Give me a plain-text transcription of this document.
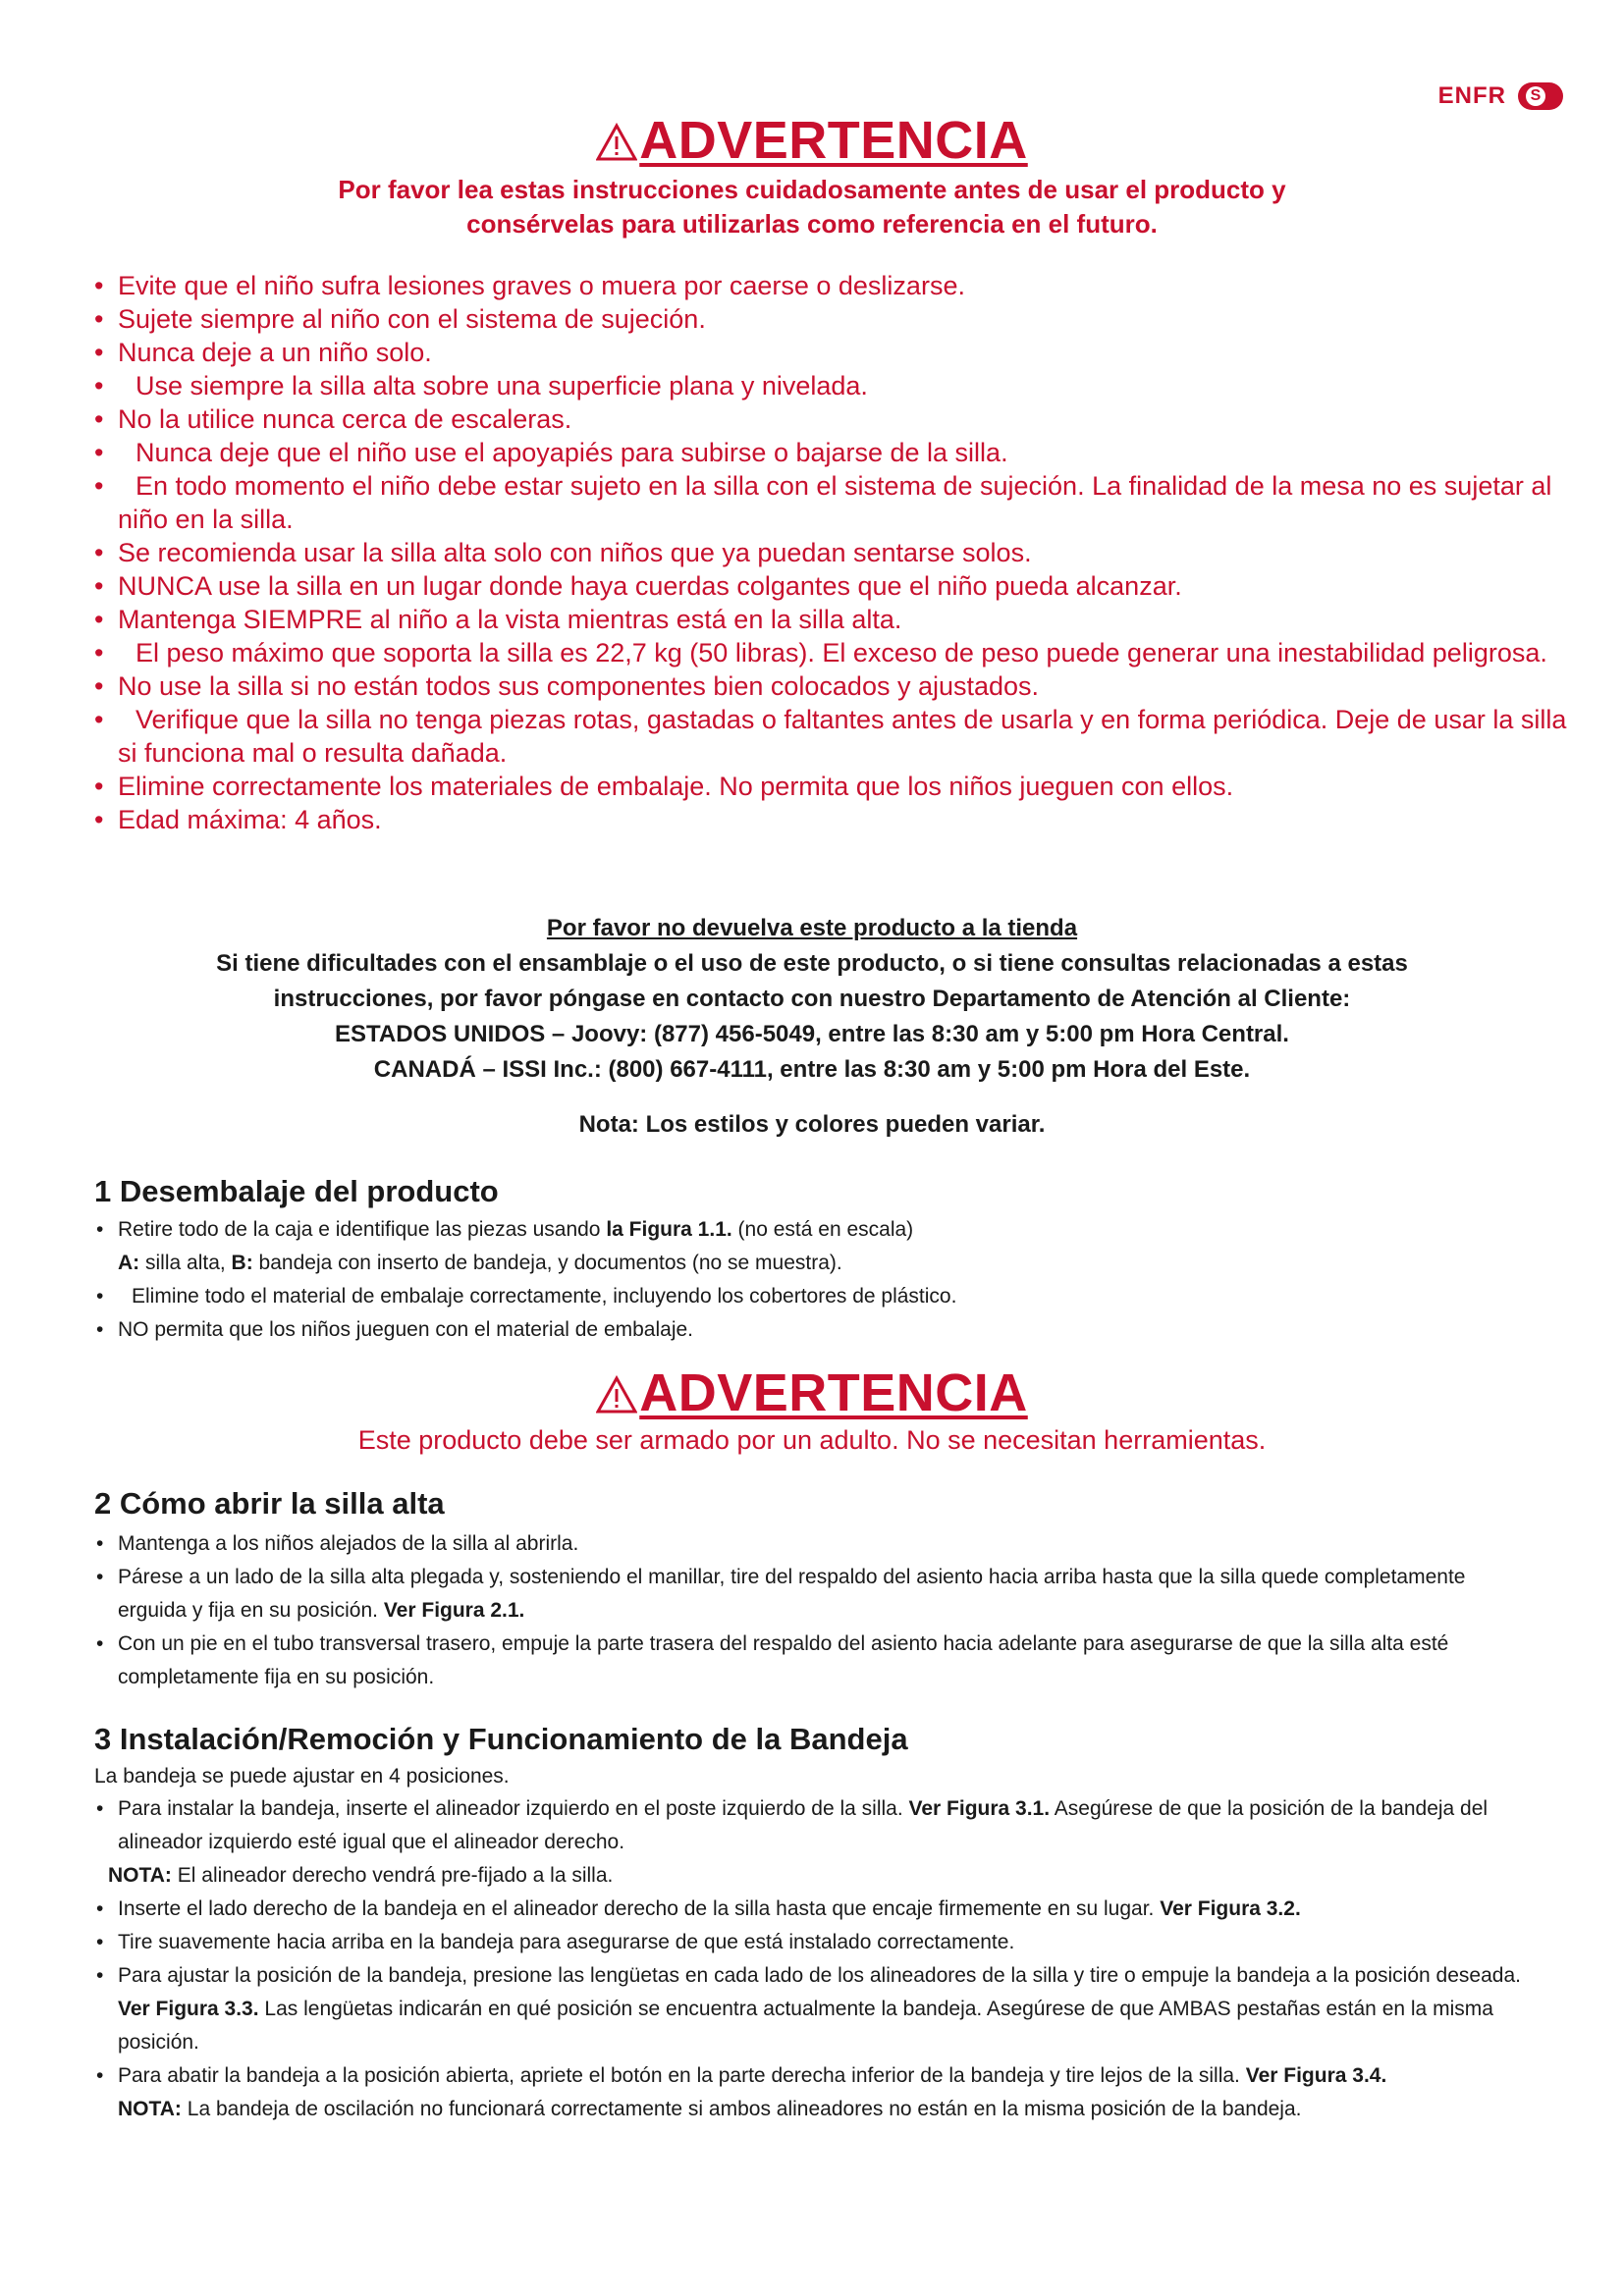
ENFR S
ADVERTENCIA
Por favor lea estas instrucciones cuidadosamente antes de usar el producto y
consérvelas para utilizarlas como referencia en el futuro.
• Evite que el niño sufra lesiones graves o muera por caerse o deslizarse.
• Sujete siempre al niño con el sistema de sujeción.
• Nunca deje a un niño solo.
• Use siempre la silla alta sobre una superficie plana y nivelada.
• No la utilice nunca cerca de escaleras.
• Nunca deje que el niño use el apoyapiés para subirse o bajarse de la silla.
• En todo momento el niño debe estar sujeto en la silla con el sistema de sujeción. La finalidad de la mesa no es sujetar al niño en la silla.
• Se recomienda usar la silla alta solo con niños que ya puedan sentarse solos.
• NUNCA use la silla en un lugar donde haya cuerdas colgantes que el niño pueda alcanzar.
• Mantenga SIEMPRE al niño a la vista mientras está en la silla alta.
• El peso máximo que soporta la silla es 22,7 kg (50 libras). El exceso de peso puede generar una inestabilidad peligrosa.
• No use la silla si no están todos sus componentes bien colocados y ajustados.
• Verifique que la silla no tenga piezas rotas, gastadas o faltantes antes de usarla y en forma periódica. Deje de usar la silla si funciona mal o resulta dañada.
• Elimine correctamente los materiales de embalaje. No permita que los niños jueguen con ellos.
• Edad máxima: 4 años.
Por favor no devuelva este producto a la tienda
Si tiene dificultades con el ensamblaje o el uso de este producto, o si tiene consultas relacionadas a estas
instrucciones, por favor póngase en contacto con nuestro Departamento de Atención al Cliente:
ESTADOS UNIDOS – Joovy: (877) 456-5049, entre las 8:30 am y 5:00 pm Hora Central.
CANADÁ – ISSI Inc.: (800) 667-4111, entre las 8:30 am y 5:00 pm Hora del Este.
Nota: Los estilos y colores pueden variar.
1 Desembalaje del producto
• Retire todo de la caja e identifique las piezas usando la Figura 1.1. (no está en escala)
A: silla alta, B: bandeja con inserto de bandeja, y documentos (no se muestra).
• Elimine todo el material de embalaje correctamente, incluyendo los cobertores de plástico.
• NO permita que los niños jueguen con el material de embalaje.
ADVERTENCIA
Este producto debe ser armado por un adulto. No se necesitan herramientas.
2 Cómo abrir la silla alta
• Mantenga a los niños alejados de la silla al abrirla.
• Párese a un lado de la silla alta plegada y, sosteniendo el manillar, tire del respaldo del asiento hacia arriba hasta que la silla quede completamente erguida y fija en su posición. Ver Figura 2.1.
• Con un pie en el tubo transversal trasero, empuje la parte trasera del respaldo del asiento hacia adelante para asegurarse de que la silla alta esté completamente fija en su posición.
3 Instalación/Remoción y Funcionamiento de la Bandeja
La bandeja se puede ajustar en 4 posiciones.
• Para instalar la bandeja, inserte el alineador izquierdo en el poste izquierdo de la silla. Ver Figura 3.1. Asegúrese de que la posición de la bandeja del alineador izquierdo esté igual que el alineador derecho.
NOTA: El alineador derecho vendrá pre-fijado a la silla.
• Inserte el lado derecho de la bandeja en el alineador derecho de la silla hasta que encaje firmemente en su lugar. Ver Figura 3.2.
• Tire suavemente hacia arriba en la bandeja para asegurarse de que está instalado correctamente.
• Para ajustar la posición de la bandeja, presione las lengüetas en cada lado de los alineadores de la silla y tire o empuje la bandeja a la posición deseada. Ver Figura 3.3. Las lengüetas indicarán en qué posición se encuentra actualmente la bandeja. Asegúrese de que AMBAS pestañas están en la misma posición.
• Para abatir la bandeja a la posición abierta, apriete el botón en la parte derecha inferior de la bandeja y tire lejos de la silla. Ver Figura 3.4.
NOTA: La bandeja de oscilación no funcionará correctamente si ambos alineadores no están en la misma posición de la bandeja.
